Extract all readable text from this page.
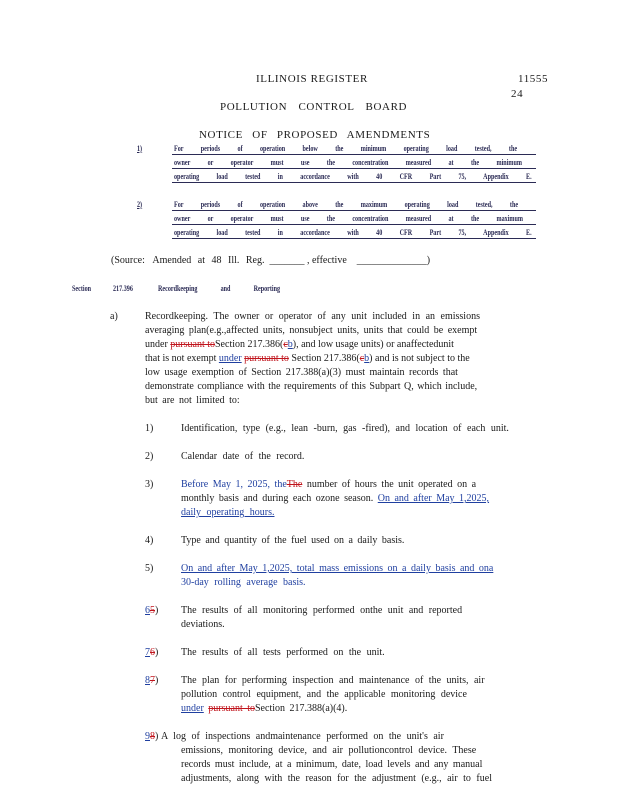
ILLINOIS REGISTER	11555
24
POLLUTION CONTROL BOARD
NOTICE OF PROPOSED AMENDMENTS
1)	For periods of operation below the minimum operating load tested, the
owner or operator must use the concentration measured at the minimum
operating load tested in accordance with 40 CFR Part 75, Appendix E.
2)	For periods of operation above the maximum operating load tested, the
owner or operator must use the concentration measured at the maximum
operating load tested in accordance with 40 CFR Part 75, Appendix E.
(Source: Amended at 48 Ill. Reg. _______ , effective ______________)
Section	217.396	Recordkeeping and Reporting
a)	Recordkeeping. The owner or operator of any unit included in an emissions
averaging plan(e.g.,affected units, nonsubject units, units that could be exempt
under pursuant toSection 217.386(cb), and low usage units) or anaffectedunit
that is not exempt under pursuant to Section 217.386(cb) and is not subject to the
low usage exemption of Section 217.388(a)(3) must maintain records that
demonstrate compliance with the requirements of this Subpart Q, which include,
but are not limited to:
1)	Identification, type (e.g., lean -burn, gas -fired), and location of each unit.
2)	Calendar date of the record.
3)	Before May 1, 2025, theThe number of hours the unit operated on a
monthly basis and during each ozone season. On and after May 1,2025,
daily operating hours.
4)	Type and quantity of the fuel used on a daily basis.
5)	On and after May 1,2025, total mass emissions on a daily basis and ona
30-day rolling average basis.
65) The results of all monitoring performed onthe unit and reported
deviations.
76) The results of all tests performed on the unit.
87) The plan for performing inspection and maintenance of the units, air
pollution control equipment, and the applicable monitoring device
under pursuant toSection 217.388(a)(4).
98) A log of inspections andmaintenance performed on the unit's air
emissions, monitoring device, and air pollutioncontrol device. These
records must include, at a minimum, date, load levels and any manual
adjustments, along with the reason for the adjustment (e.g., air to fuel
